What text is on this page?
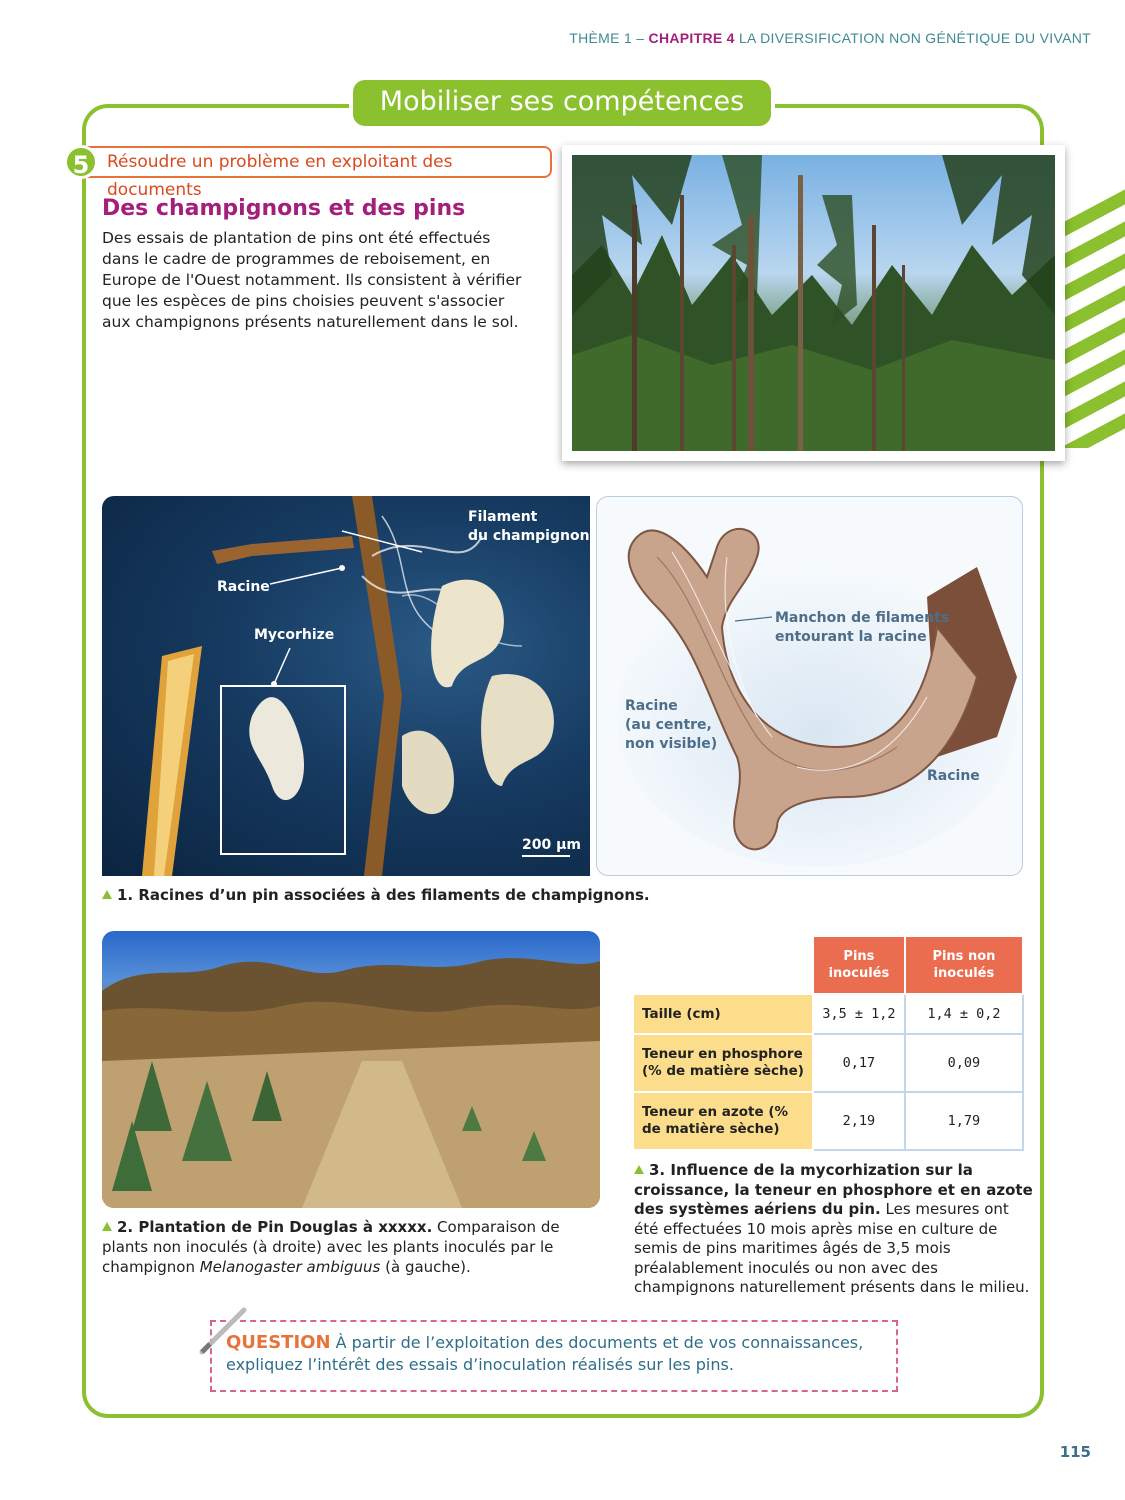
THÈME 1 – CHAPITRE 4 LA DIVERSIFICATION NON GÉNÉTIQUE DU VIVANT
Mobiliser ses compétences
5	Résoudre un problème en exploitant des documents
Des champignons et des pins
Des essais de plantation de pins ont été effectués dans le cadre de programmes de reboisement, en Europe de l'Ouest notamment. Ils consistent à vérifier que les espèces de pins choisies peuvent s'associer aux champignons présents naturellement dans le sol.
Filament
du champignon
Racine
Mycorhize
200 µm
Manchon de filaments
entourant la racine
Racine
(au centre,
non visible)
Racine
1. Racines d’un pin associées à des filaments de champignons.
2. Plantation de Pin Douglas à xxxxx. Comparaison de plants non inoculés (à droite) avec les plants inoculés par le champignon Melanogaster ambiguus (à gauche).
	Pins inoculés	Pins non inoculés
Taille (cm)	3,5 ± 1,2	1,4 ± 0,2
Teneur en phosphore (% de matière sèche)	0,17	0,09
Teneur en azote (% de matière sèche)	2,19	1,79
3. Influence de la mycorhization sur la croissance, la teneur en phosphore et en azote des systèmes aériens du pin. Les mesures ont été effectuées 10 mois après mise en culture de semis de pins maritimes âgés de 3,5 mois préalablement inoculés ou non avec des champignons naturellement présents dans le milieu.
QUESTION À partir de l’exploitation des documents et de vos connaissances, expliquez l’intérêt des essais d’inoculation réalisés sur les pins.
115
